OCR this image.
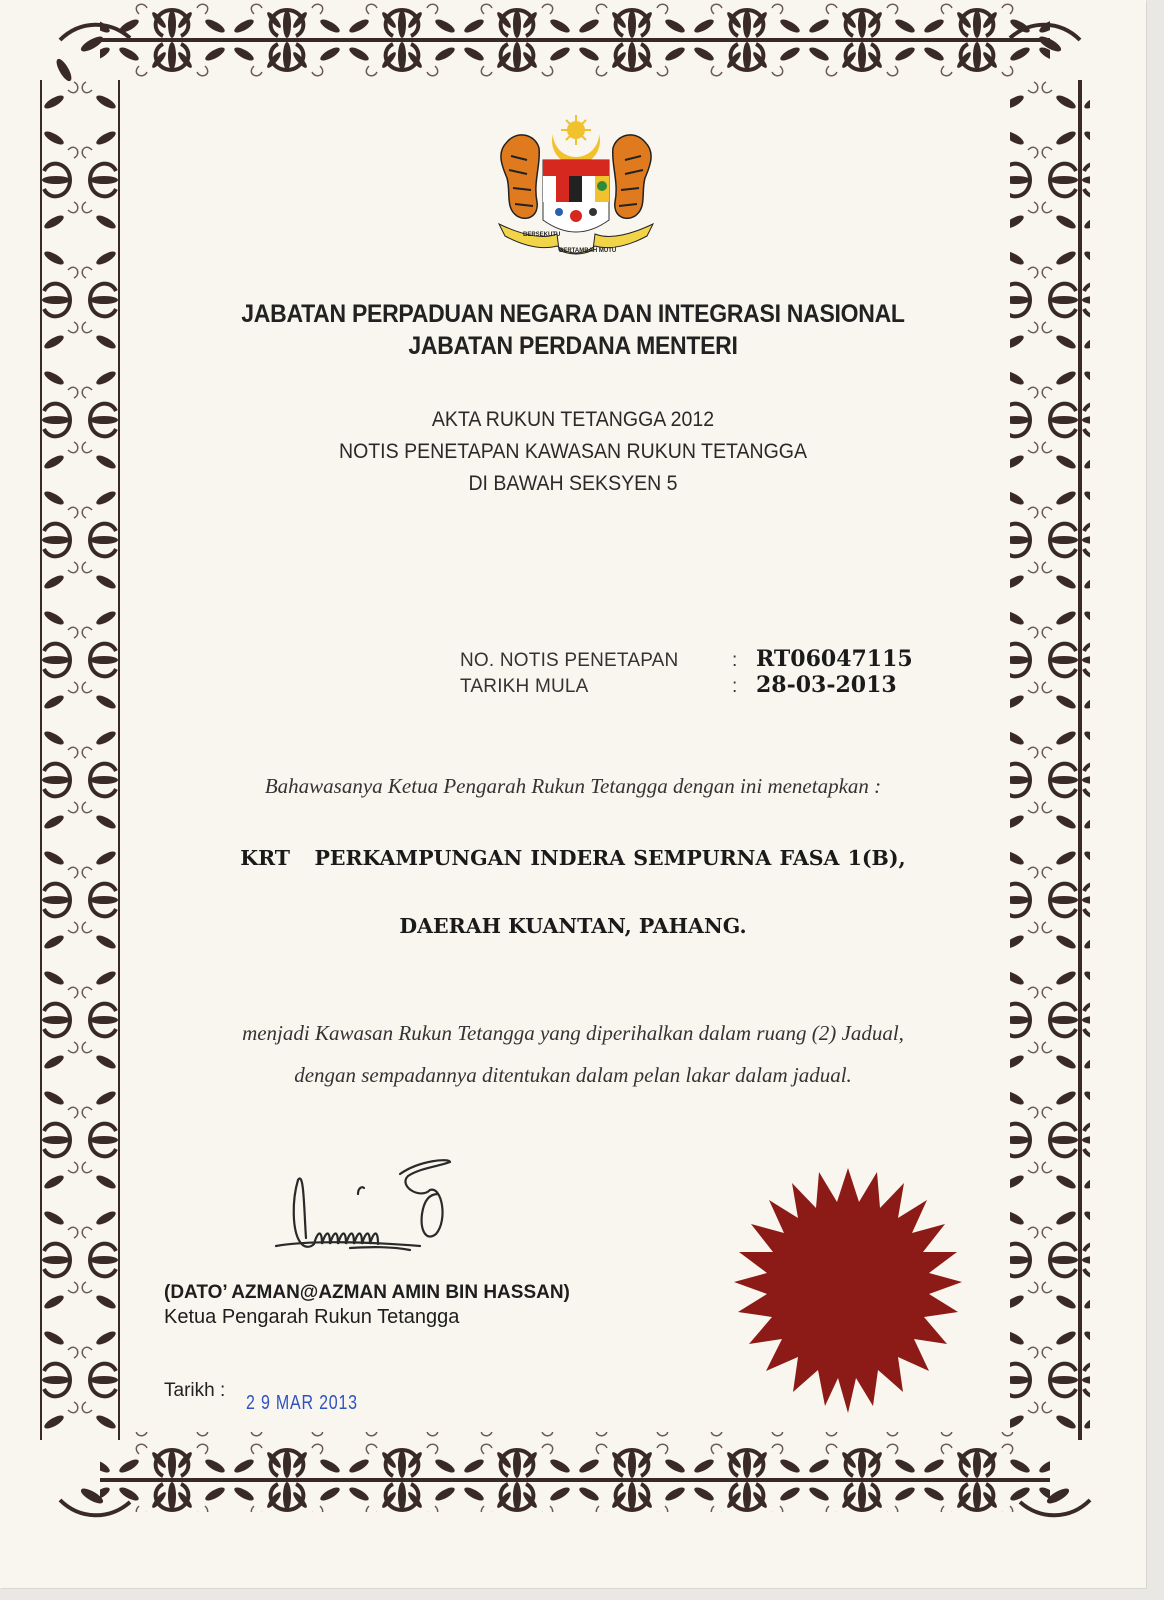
BERSEKUTU
BERTAMBAH MUTU
JABATAN PERPADUAN NEGARA DAN INTEGRASI NASIONAL
JABATAN PERDANA MENTERI
AKTA RUKUN TETANGGA 2012
NOTIS PENETAPAN KAWASAN RUKUN TETANGGA
DI BAWAH SEKSYEN 5
NO. NOTIS PENETAPAN	: RT06047115
TARIKH MULA	: 28-03-2013
Bahawasanya Ketua Pengarah Rukun Tetangga dengan ini menetapkan :
KRT   PERKAMPUNGAN INDERA SEMPURNA FASA 1(B),
DAERAH KUANTAN, PAHANG.
menjadi Kawasan Rukun Tetangga yang diperihalkan dalam ruang (2) Jadual,
dengan sempadannya ditentukan dalam pelan lakar dalam jadual.
(DATO’ AZMAN@AZMAN AMIN BIN HASSAN)
Ketua Pengarah Rukun Tetangga
Tarikh :
2 9 MAR 2013
